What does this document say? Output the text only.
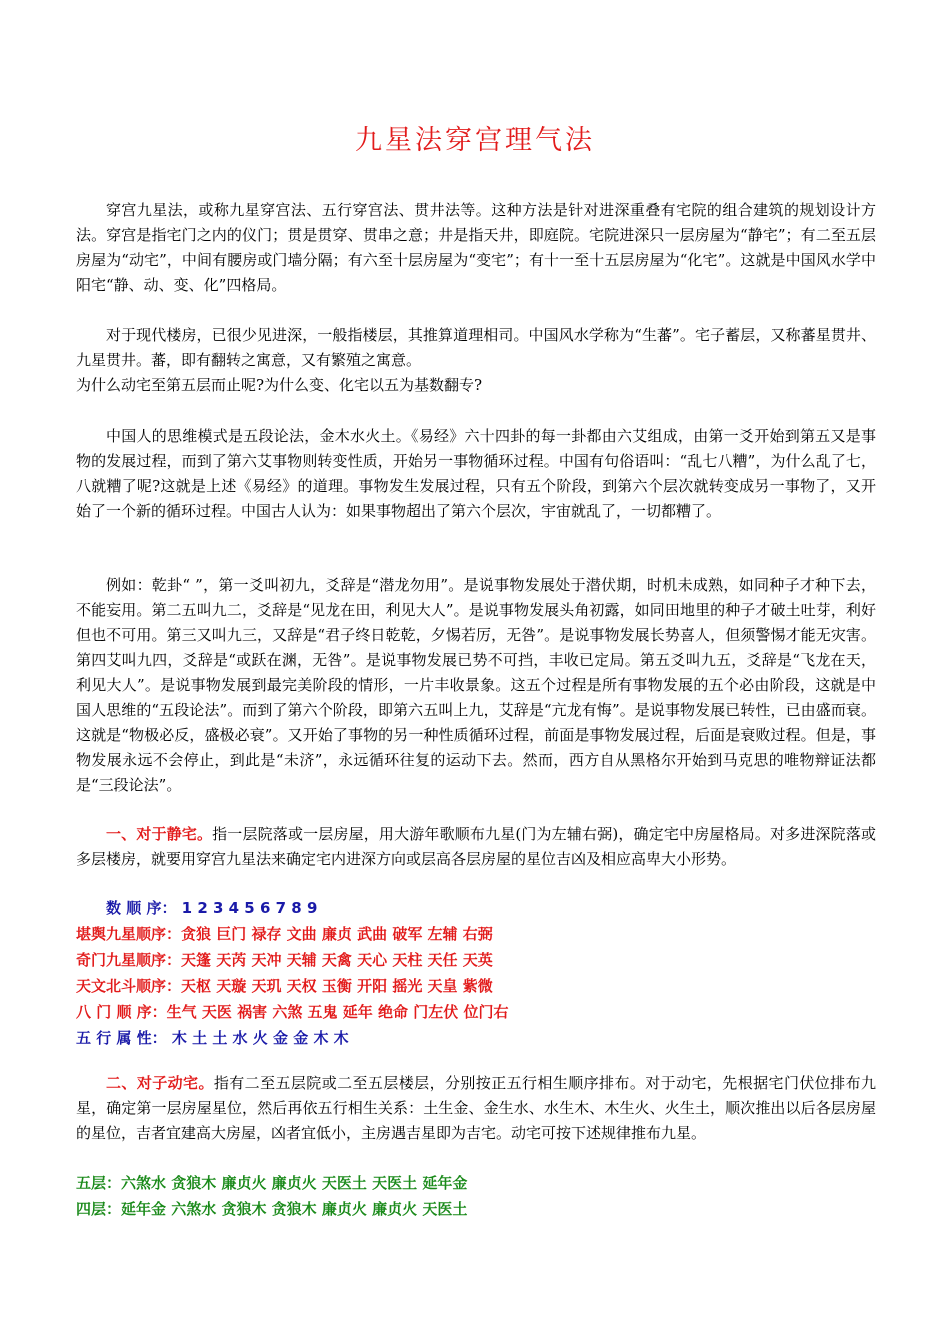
九星法穿宫理气法

穿宫九星法，或称九星穿宫法、五行穿宫法、贯井法等。这种方法是针对进深重叠有宅院的组合建筑的规划设计方法。穿宫是指宅门之内的仪门；贯是贯穿、贯串之意；井是指天井，即庭院。宅院进深只一层房屋为“静宅”；有二至五层房屋为“动宅”，中间有腰房或门墙分隔；有六至十层房屋为“变宅”；有十一至十五层房屋为“化宅”。这就是中国风水学中阳宅“静、动、变、化”四格局。

对于现代楼房，已很少见进深，一般指楼层，其推算道理相司。中国风水学称为“生蕃”。宅子蓄层，又称蕃星贯井、九星贯井。蕃，即有翻转之寓意，又有繁殖之寓意。

为什么动宅至第五层而止呢?为什么变、化宅以五为基数翻专?

中国人的思维模式是五段论法，金木水火土。《易经》六十四卦的每一卦都由六艾组成，由第一爻开始到第五又是事物的发展过程，而到了第六艾事物则转变性质，开始另一事物循环过程。中国有句俗语叫：“乱七八糟”，为什么乱了七，八就糟了呢?这就是上述《易经》的道理。事物发生发展过程，只有五个阶段，到第六个层次就转变成另一事物了，又开始了一个新的循环过程。中国古人认为：如果事物超出了第六个层次，宇宙就乱了，一切都糟了。

例如：乾卦“ ”，第一爻叫初九，爻辞是“潜龙勿用”。是说事物发展处于潜伏期，时机未成熟，如同种子才种下去，不能妄用。第二五叫九二，爻辞是“见龙在田，利见大人”。是说事物发展头角初露，如同田地里的种子才破土吐芽，利好但也不可用。第三又叫九三，又辞是“君子终日乾乾，夕惕若厉，无咎”。是说事物发展长势喜人，但须警惕才能无灾害。第四艾叫九四，爻辞是“或跃在渊，无咎”。是说事物发展已势不可挡，丰收已定局。第五爻叫九五，爻辞是“飞龙在天，利见大人”。是说事物发展到最完美阶段的情形，一片丰收景象。这五个过程是所有事物发展的五个必由阶段，这就是中国人思维的“五段论法”。而到了第六个阶段，即第六五叫上九，艾辞是“亢龙有悔”。是说事物发展已转性，已由盛而衰。这就是“物极必反，盛极必衰”。又开始了事物的另一种性质循环过程，前面是事物发展过程，后面是衰败过程。但是，事物发展永远不会停止，到此是“未济”，永远循环往复的运动下去。然而，西方自从黑格尔开始到马克思的唯物辩证法都是“三段论法”。

一、对于静宅。指一层院落或一层房屋，用大游年歌顺布九星(门为左辅右弼)，确定宅中房屋格局。对多进深院落或多层楼房，就要用穿宫九星法来确定宅内进深方向或层高各层房屋的星位吉凶及相应高卑大小形势。

数 顺 序： 1 2 3 4 5 6 7 8 9
堪舆九星顺序：贪狼 巨门 禄存 文曲 廉贞 武曲 破军 左辅 右弼
奇门九星顺序：天篷 天芮 天冲 天辅 天禽 天心 天柱 天任 天英
天文北斗顺序：天枢 天璇 天玑 天权 玉衡 开阳 摇光 天皇 紫微
八 门 顺 序：生气 天医 祸害 六煞 五鬼 延年 绝命 门左伏 位门右
五 行 属 性： 木 土 土 水 火 金 金 木 木

二、对子动宅。指有二至五层院或二至五层楼层，分别按正五行相生顺序排布。对于动宅，先根据宅门伏位排布九星，确定第一层房屋星位，然后再依五行相生关系：土生金、金生水、水生木、木生火、火生土，顺次推出以后各层房屋的星位，吉者宜建高大房屋，凶者宜低小，主房遇吉星即为吉宅。动宅可按下述规律推布九星。

五层：六煞水 贪狼木 廉贞火 廉贞火 天医土 天医土 延年金
四层：延年金 六煞水 贪狼木 贪狼木 廉贞火 廉贞火 天医土
